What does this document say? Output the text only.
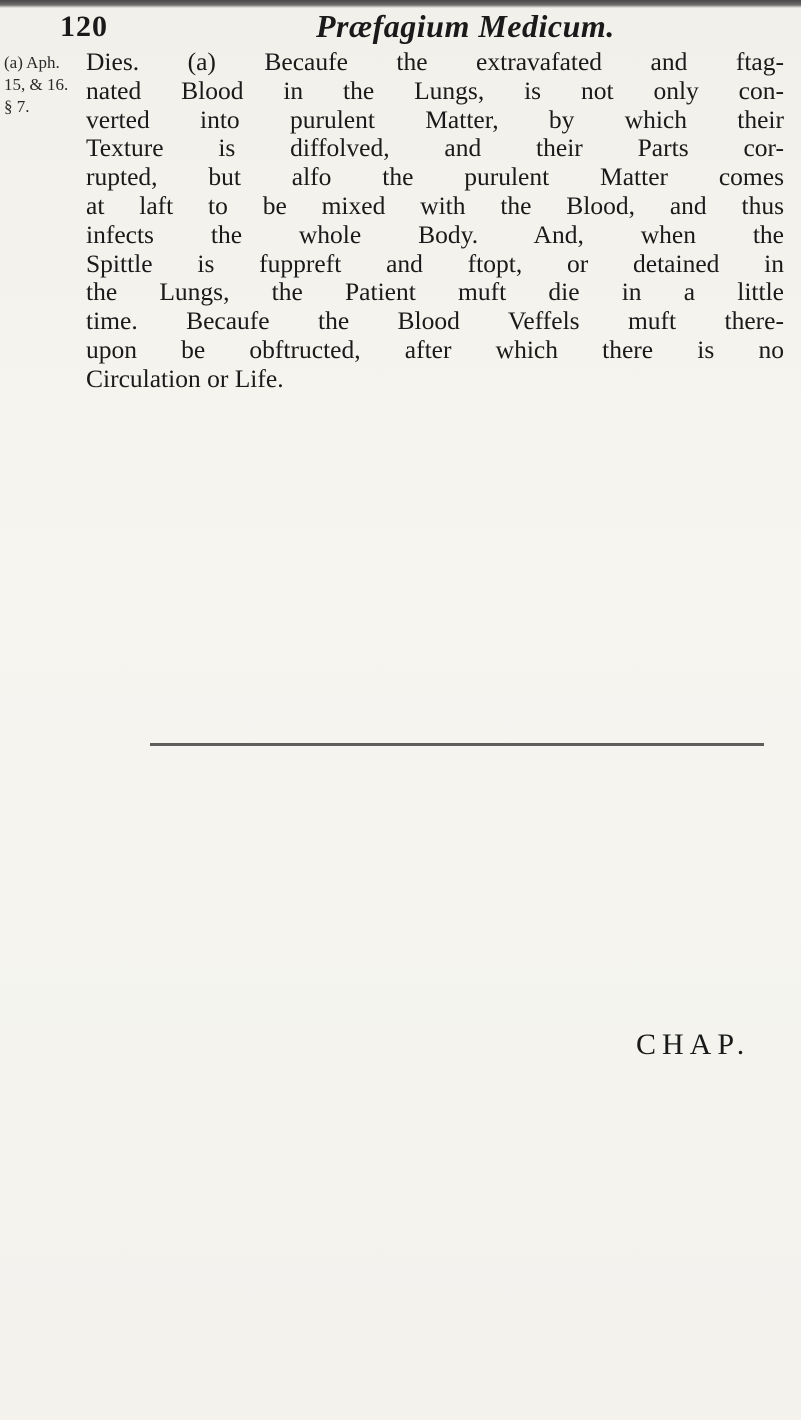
120	Præfagium Medicum.
(a) Aph.
15, & 16.
§ 7.
Dies. (a) Becaufe the extravafated and ftag-
nated Blood in the Lungs, is not only con-
verted into purulent Matter, by which their
Texture is diffolved, and their Parts cor-
rupted, but alfo the purulent Matter comes
at laft to be mixed with the Blood, and thus
infects the whole Body. And, when the
Spittle is fuppreft and ftopt, or detained in
the Lungs, the Patient muft die in a little
time. Becaufe the Blood Veffels muft there-
upon be obftructed, after which there is no
Circulation or Life.
CHAP.
